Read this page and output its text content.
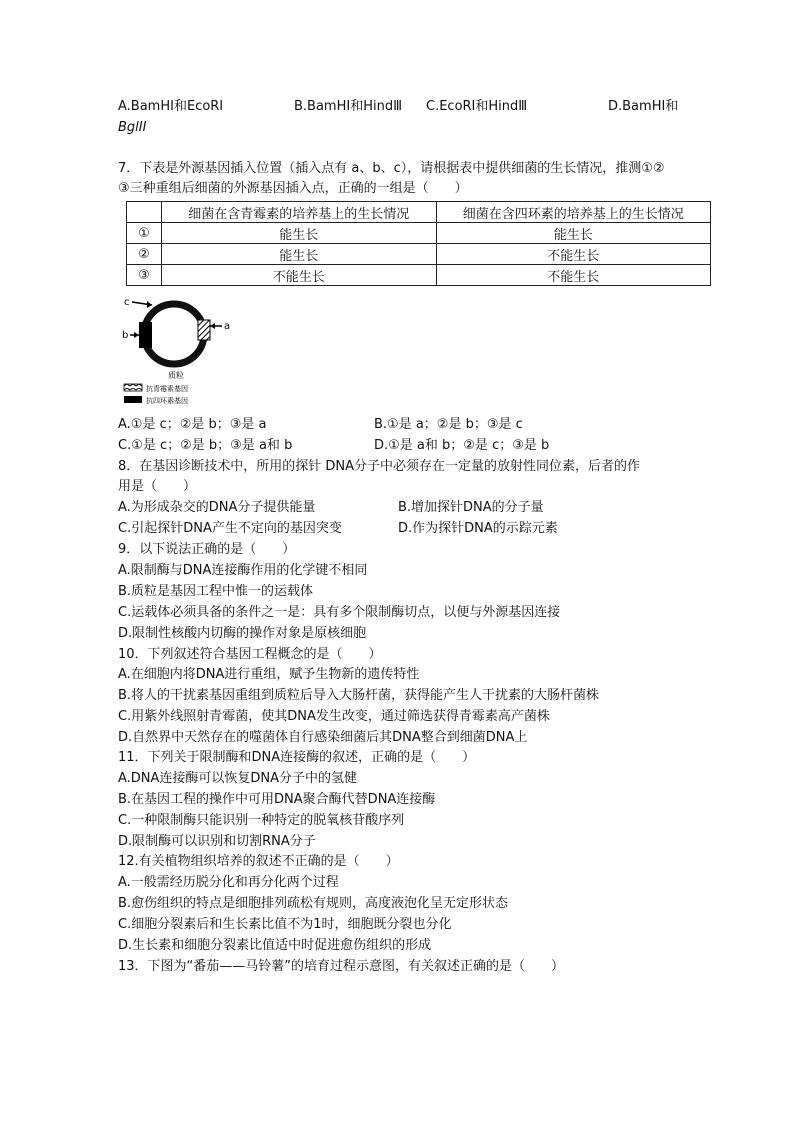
A.BamHI和EcoRI	B.BamHI和HindⅢ C.EcoRI和HindⅢ	D.BamHI和
BglII
7．下表是外源基因插入位置（插入点有 a、b、c），请根据表中提供细菌的生长情况，推测①②
③三种重组后细菌的外源基因插入点，正确的一组是（　　）
	细菌在含青霉素的培养基上的生长情况	细菌在含四环素的培养基上的生长情况
①	能生长	能生长
②	能生长	不能生长
③	不能生长	不能生长
c
b
a
质粒
抗青霉素基因
抗四环素基因
A.①是 c；②是 b；③是 a	B.①是 a；②是 b；③是 c
C.①是 c；②是 b；③是 a和 b	D.①是 a和 b；②是 c；③是 b
8．在基因诊断技术中，所用的探针 DNA分子中必须存在一定量的放射性同位素，后者的作
用是（　　）
A.为形成杂交的DNA分子提供能量	B.增加探针DNA的分子量
C.引起探针DNA产生不定向的基因突变	D.作为探针DNA的示踪元素
9．以下说法正确的是（　　）
A.限制酶与DNA连接酶作用的化学键不相同
B.质粒是基因工程中惟一的运载体
C.运载体必须具备的条件之一是：具有多个限制酶切点，以便与外源基因连接
D.限制性核酸内切酶的操作对象是原核细胞
10．下列叙述符合基因工程概念的是（　　）
A.在细胞内将DNA进行重组，赋予生物新的遗传特性
B.将人的干扰素基因重组到质粒后导入大肠杆菌，获得能产生人干扰素的大肠杆菌株
C.用紫外线照射青霉菌，使其DNA发生改变，通过筛选获得青霉素高产菌株
D.自然界中天然存在的噬菌体自行感染细菌后其DNA整合到细菌DNA上
11．下列关于限制酶和DNA连接酶的叙述，正确的是（　　）
A.DNA连接酶可以恢复DNA分子中的氢健
B.在基因工程的操作中可用DNA聚合酶代替DNA连接酶
C.一种限制酶只能识别一种特定的脱氧核苷酸序列
D.限制酶可以识别和切割RNA分子
12.有关植物组织培养的叙述不正确的是（　　）
A.一般需经历脱分化和再分化两个过程
B.愈伤组织的特点是细胞排列疏松有规则，高度液泡化呈无定形状态
C.细胞分裂素后和生长素比值不为1时，细胞既分裂也分化
D.生长素和细胞分裂素比值适中时促进愈伤组织的形成
13．下图为“番茄——马铃薯”的培育过程示意图，有关叙述正确的是（　　）
